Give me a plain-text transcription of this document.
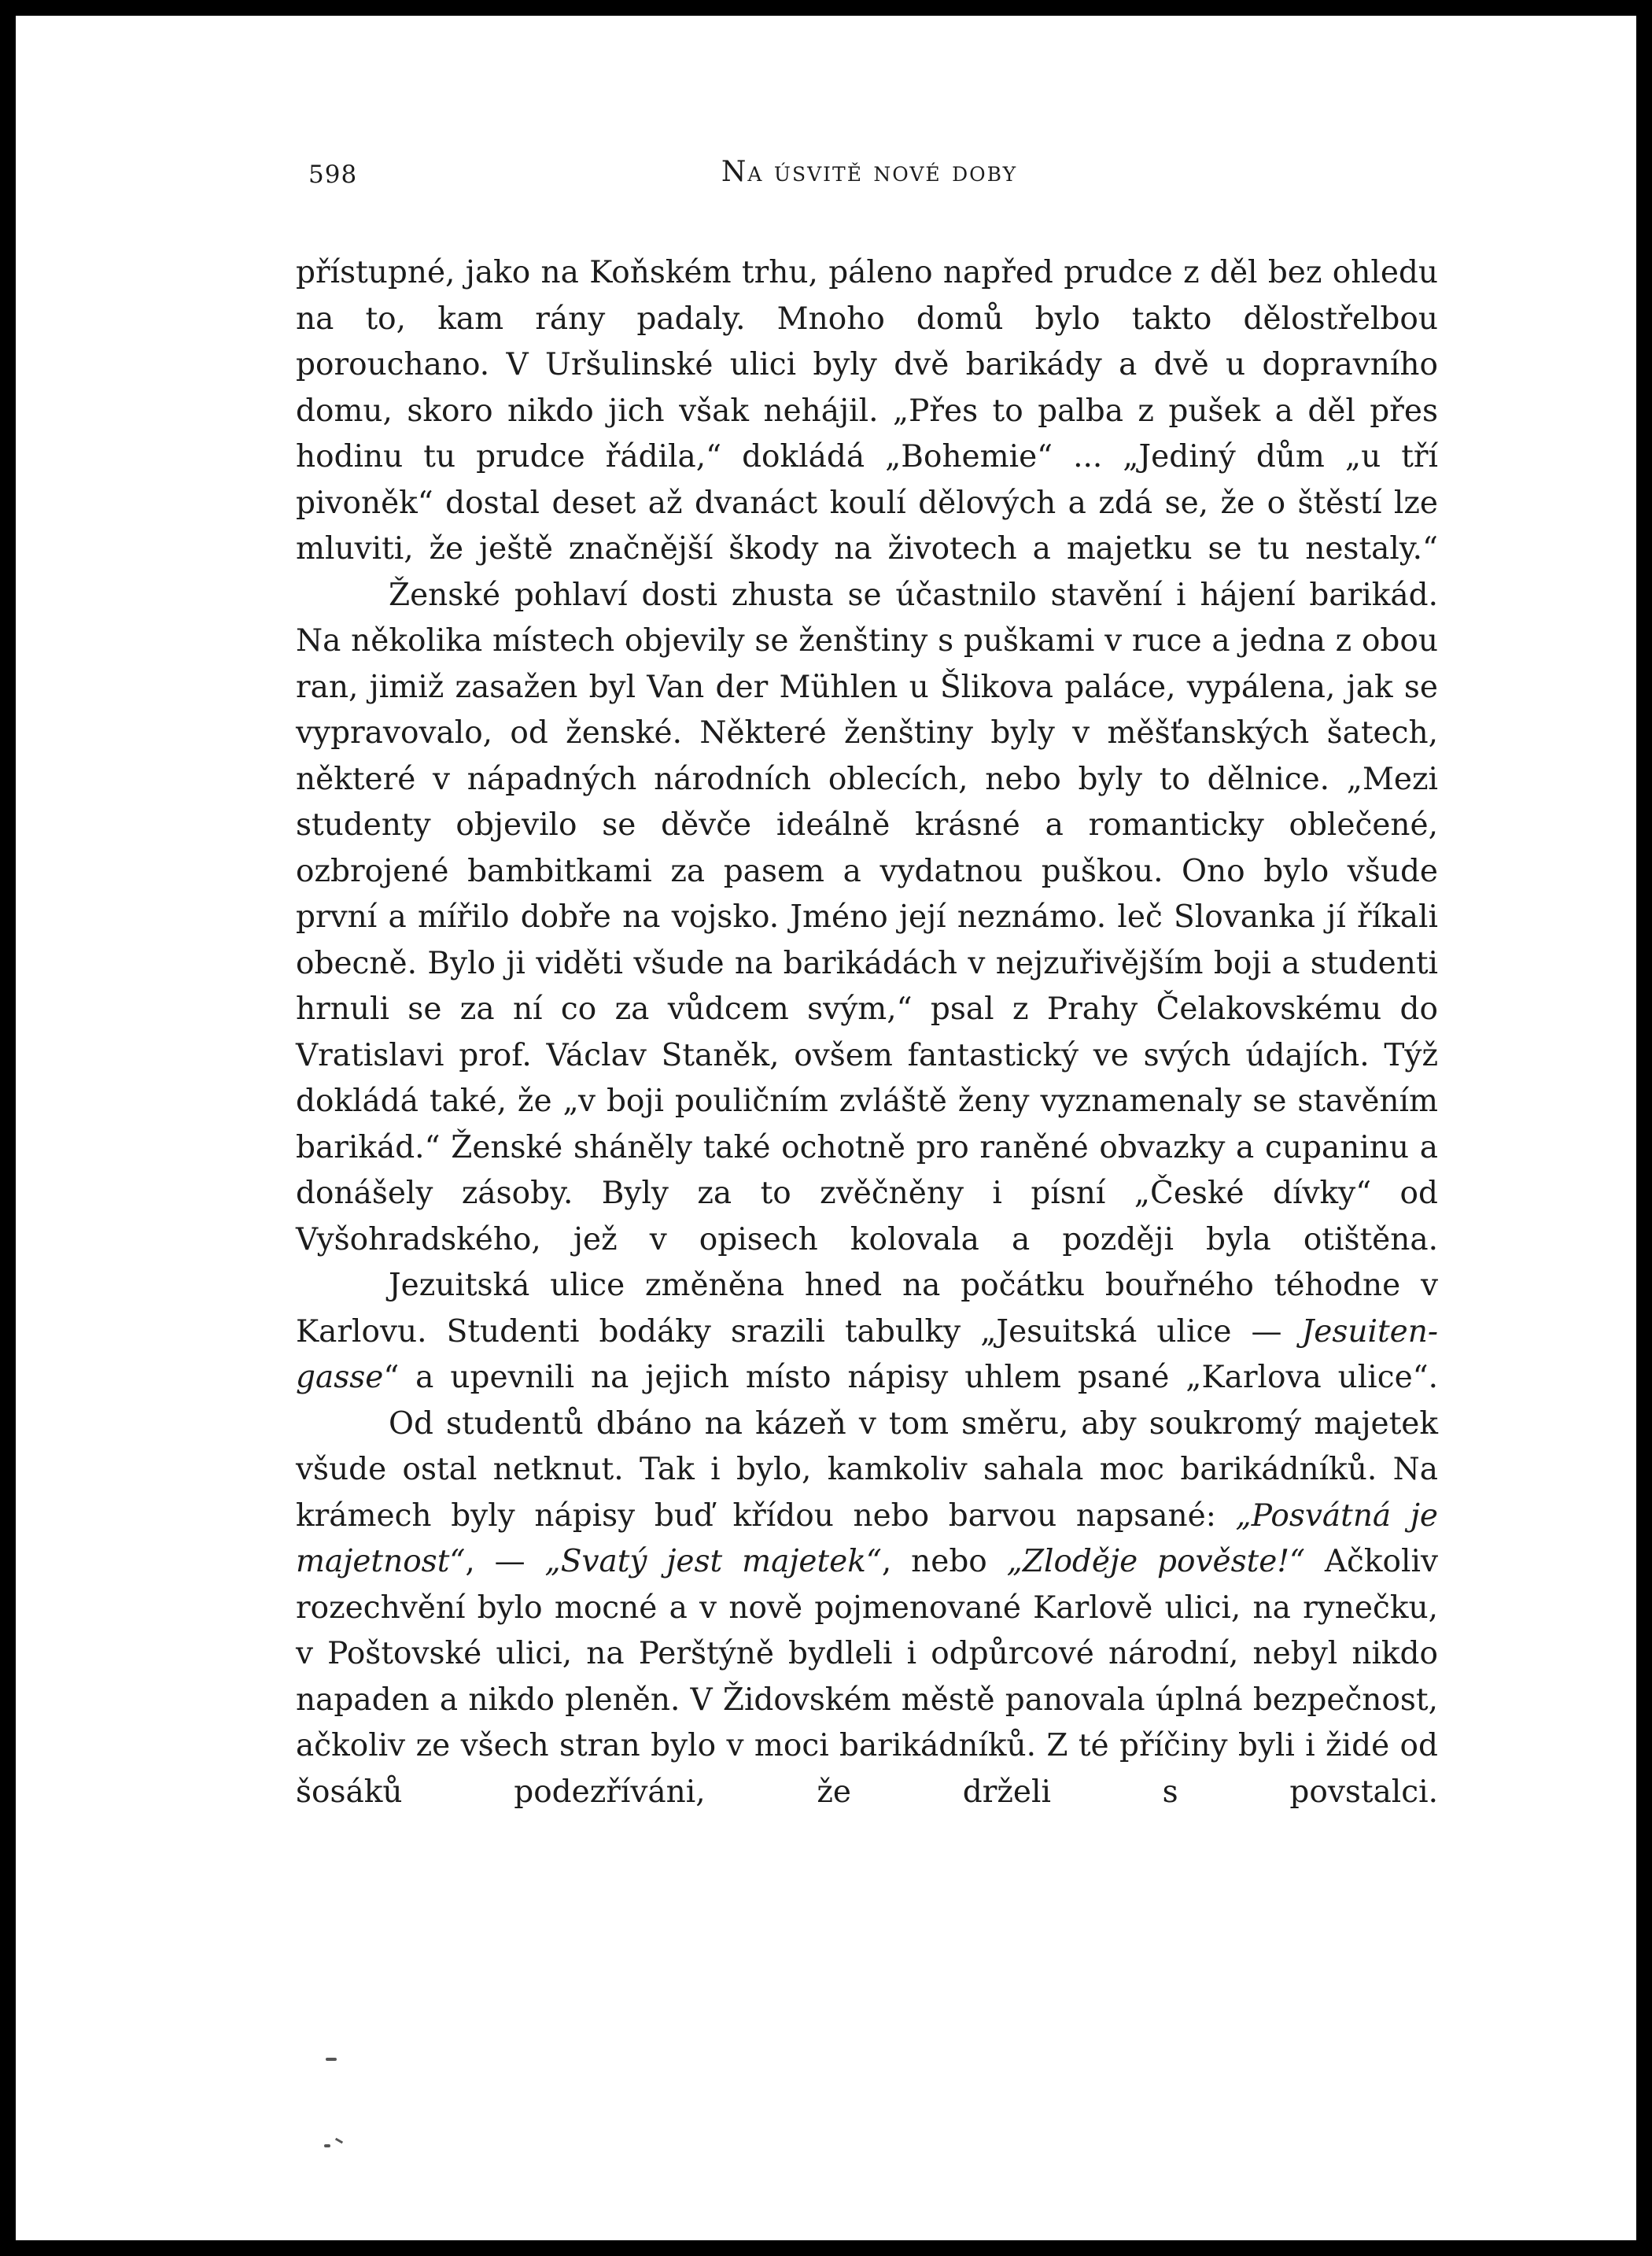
598	Na úsvitě nové doby

přístupné, jako na Koňském trhu, páleno napřed prudce z děl bez ohledu na to, kam rány padaly. Mnoho domů bylo takto dělostřelbou porouchano. V Uršulinské ulici byly dvě barikády a dvě u dopravního domu, skoro nikdo jich však nehájil. „Přes to palba z pušek a děl přes hodinu tu prudce řádila,“ dokládá „Bohemie“ ... „Jediný dům „u tří pivoněk“ dostal deset až dvanáct koulí dělových a zdá se, že o štěstí lze mluviti, že ještě značnější škody na životech a majetku se tu nestaly.“

Ženské pohlaví dosti zhusta se účastnilo stavění i hájení barikád. Na několika místech objevily se ženštiny s puškami v ruce a jedna z obou ran, jimiž zasažen byl Van der Mühlen u Šlikova paláce, vypálena, jak se vypravovalo, od ženské. Některé ženštiny byly v měšťanských šatech, některé v nápadných národních oblecích, nebo byly to dělnice. „Mezi studenty objevilo se děvče ideálně krásné a romanticky oblečené, ozbrojené bambitkami za pasem a vydatnou puškou. Ono bylo všude první a mířilo dobře na vojsko. Jméno její neznámo. leč Slovanka jí říkali obecně. Bylo ji viděti všude na barikádách v nejzuřivějším boji a studenti hrnuli se za ní co za vůdcem svým,“ psal z Prahy Čelakovskému do Vratislavi prof. Václav Staněk, ovšem fantastický ve svých údajích. Týž dokládá také, že „v boji pouličním zvláště ženy vyznamenaly se stavěním barikád.“ Ženské sháněly také ochotně pro raněné obvazky a cupaninu a donášely zásoby. Byly za to zvěčněny i písní „České dívky“ od Vyšohradského, jež v opisech kolovala a později byla otištěna.

Jezuitská ulice změněna hned na počátku bouřného téhodne v Karlovu. Studenti bodáky srazili tabulky „Jesuitská ulice — Jesuiten-gasse“ a upevnili na jejich místo nápisy uhlem psané „Karlova ulice“.

Od studentů dbáno na kázeň v tom směru, aby soukromý majetek všude ostal netknut. Tak i bylo, kamkoliv sahala moc barikádníků. Na krámech byly nápisy buď křídou nebo barvou napsané: „Posvátná je majetnost“, — „Svatý jest majetek“, nebo „Zloděje pověste!“ Ačkoliv rozechvění bylo mocné a v nově pojmenované Karlově ulici, na rynečku, v Poštovské ulici, na Perštýně bydleli i odpůrcové národní, nebyl nikdo napaden a nikdo pleněn. V Židovském městě panovala úplná bezpečnost, ačkoliv ze všech stran bylo v moci barikádníků. Z té příčiny byli i židé od šosáků podezříváni, že drželi s povstalci.
